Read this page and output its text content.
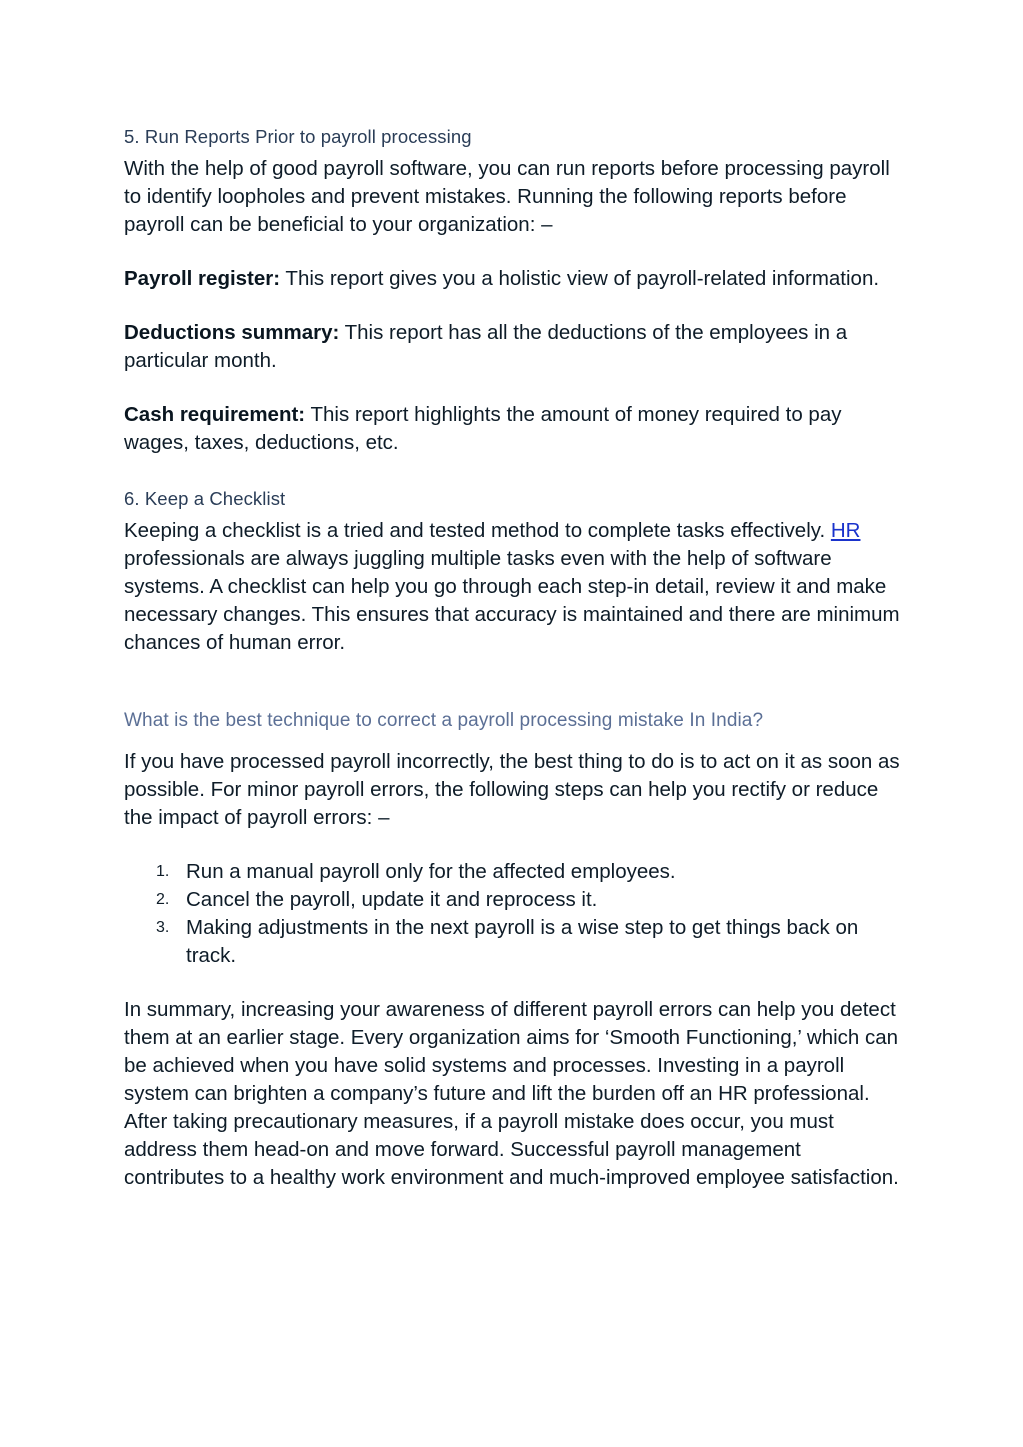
5. Run Reports Prior to payroll processing

With the help of good payroll software, you can run reports before processing payroll to identify loopholes and prevent mistakes. Running the following reports before payroll can be beneficial to your organization: –

Payroll register: This report gives you a holistic view of payroll-related information.

Deductions summary: This report has all the deductions of the employees in a particular month.

Cash requirement: This report highlights the amount of money required to pay wages, taxes, deductions, etc.

6. Keep a Checklist

Keeping a checklist is a tried and tested method to complete tasks effectively. HR professionals are always juggling multiple tasks even with the help of software systems. A checklist can help you go through each step-in detail, review it and make necessary changes. This ensures that accuracy is maintained and there are minimum chances of human error.

What is the best technique to correct a payroll processing mistake In India?

If you have processed payroll incorrectly, the best thing to do is to act on it as soon as possible. For minor payroll errors, the following steps can help you rectify or reduce the impact of payroll errors: –

1. Run a manual payroll only for the affected employees.
2. Cancel the payroll, update it and reprocess it.
3. Making adjustments in the next payroll is a wise step to get things back on track.

In summary, increasing your awareness of different payroll errors can help you detect them at an earlier stage. Every organization aims for ‘Smooth Functioning,’ which can be achieved when you have solid systems and processes. Investing in a payroll system can brighten a company’s future and lift the burden off an HR professional. After taking precautionary measures, if a payroll mistake does occur, you must address them head-on and move forward. Successful payroll management contributes to a healthy work environment and much-improved employee satisfaction.
